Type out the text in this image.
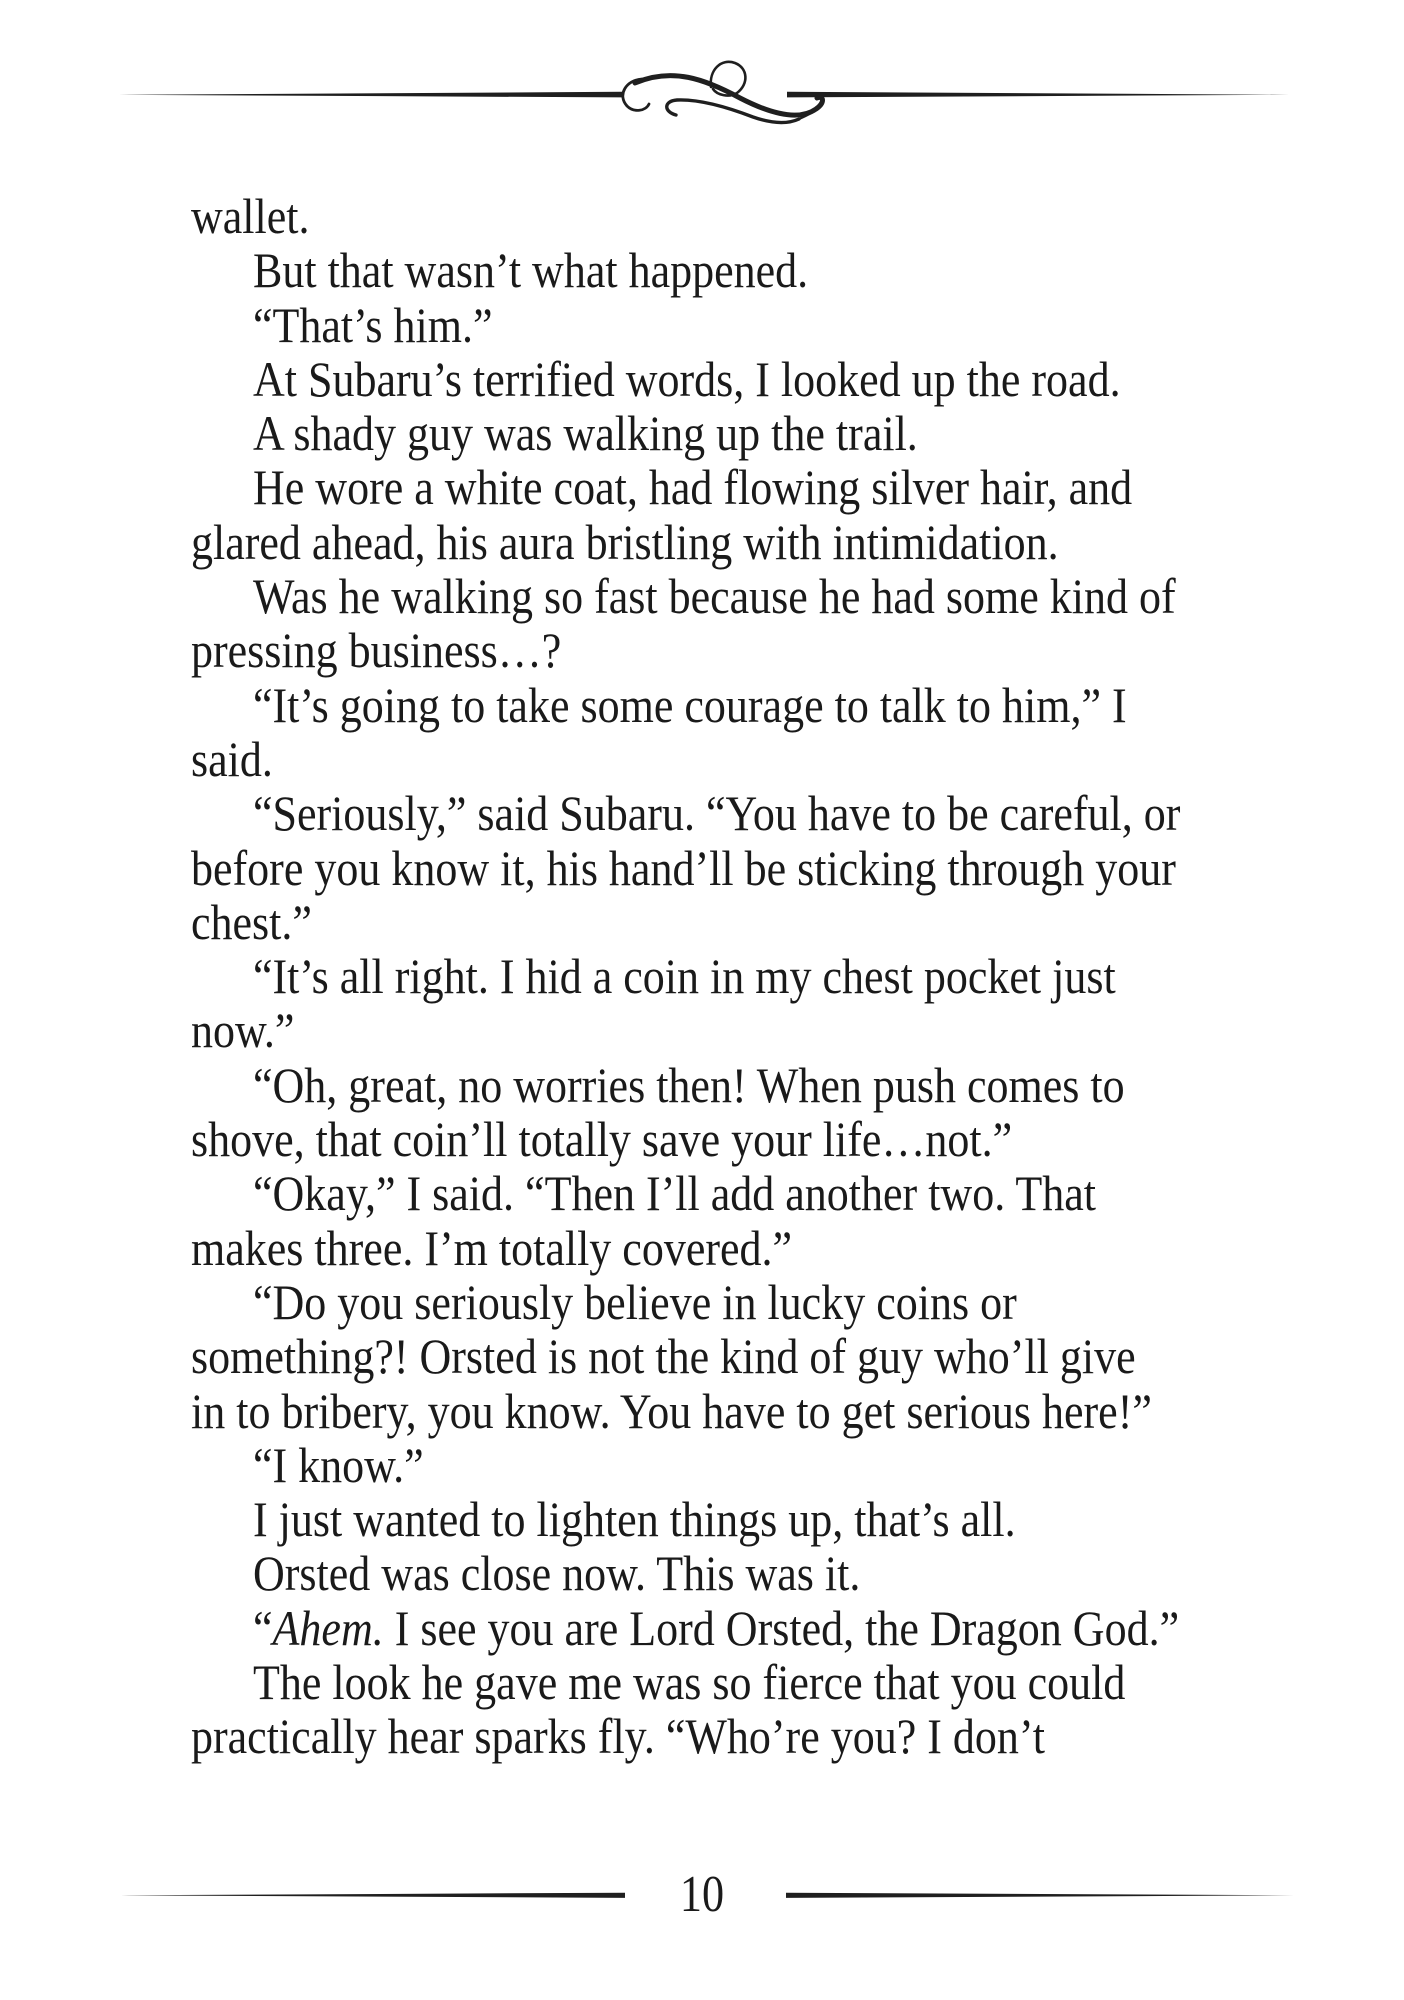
wallet.
But that wasn’t what happened.
“That’s him.”
At Subaru’s terrified words, I looked up the road.
A shady guy was walking up the trail.
He wore a white coat, had flowing silver hair, and
glared ahead, his aura bristling with intimidation.
Was he walking so fast because he had some kind of
pressing business…?
“It’s going to take some courage to talk to him,” I
said.
“Seriously,” said Subaru. “You have to be careful, or
before you know it, his hand’ll be sticking through your
chest.”
“It’s all right. I hid a coin in my chest pocket just
now.”
“Oh, great, no worries then! When push comes to
shove, that coin’ll totally save your life…not.”
“Okay,” I said. “Then I’ll add another two. That
makes three. I’m totally covered.”
“Do you seriously believe in lucky coins or
something?! Orsted is not the kind of guy who’ll give
in to bribery, you know. You have to get serious here!”
“I know.”
I just wanted to lighten things up, that’s all.
Orsted was close now. This was it.
“Ahem. I see you are Lord Orsted, the Dragon God.”
The look he gave me was so fierce that you could
practically hear sparks fly. “Who’re you? I don’t
10
